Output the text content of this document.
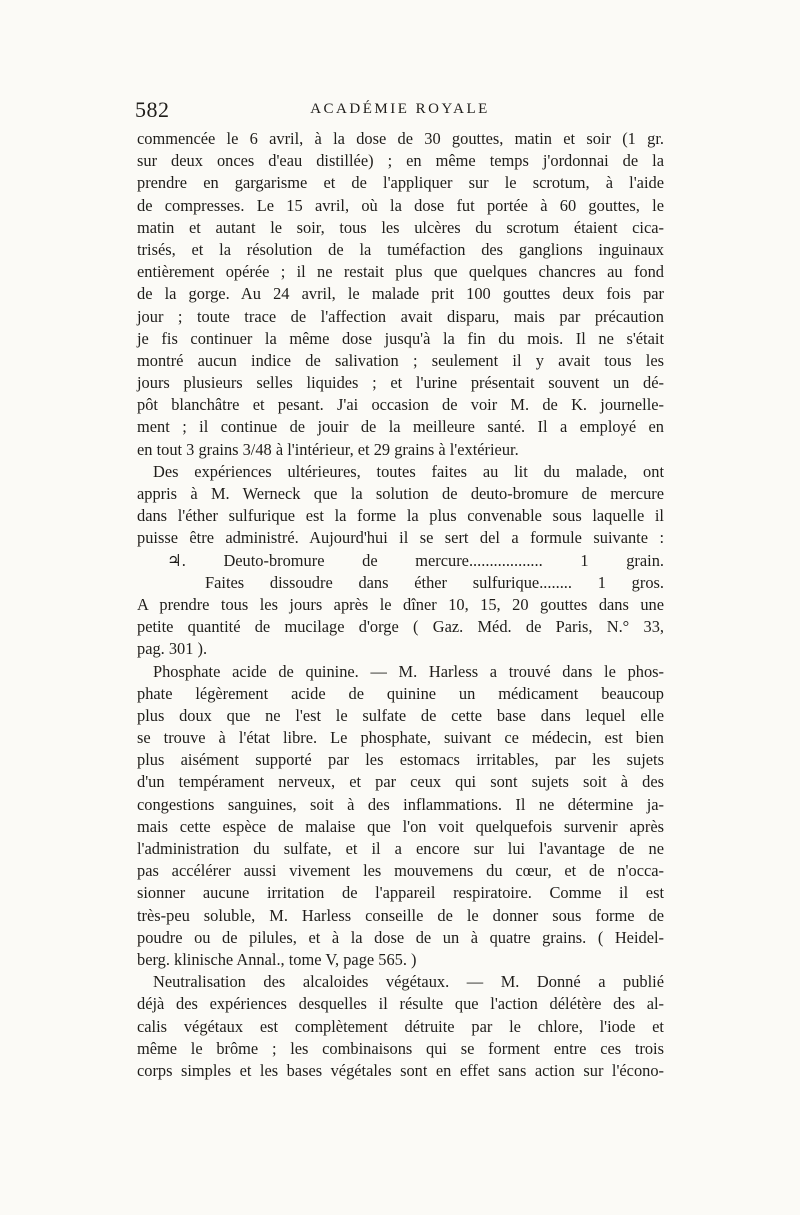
582	ACADÉMIE ROYALE
commencée le 6 avril, à la dose de 30 gouttes, matin et soir (1 gr.
sur deux onces d'eau distillée) ; en même temps j'ordonnai de la
prendre en gargarisme et de l'appliquer sur le scrotum, à l'aide
de compresses. Le 15 avril, où la dose fut portée à 60 gouttes, le
matin et autant le soir, tous les ulcères du scrotum étaient cica-
trisés, et la résolution de la tuméfaction des ganglions inguinaux
entièrement opérée ; il ne restait plus que quelques chancres au fond
de la gorge. Au 24 avril, le malade prit 100 gouttes deux fois par
jour ; toute trace de l'affection avait disparu, mais par précaution
je fis continuer la même dose jusqu'à la fin du mois. Il ne s'était
montré aucun indice de salivation ; seulement il y avait tous les
jours plusieurs selles liquides ; et l'urine présentait souvent un dé-
pôt blanchâtre et pesant. J'ai occasion de voir M. de K. journelle-
ment ; il continue de jouir de la meilleure santé. Il a employé en
en tout 3 grains 3/48 à l'intérieur, et 29 grains à l'extérieur.
Des expériences ultérieures, toutes faites au lit du malade, ont
appris à M. Werneck que la solution de deuto-bromure de mercure
dans l'éther sulfurique est la forme la plus convenable sous laquelle il
puisse être administré. Aujourd'hui il se sert del a formule suivante :
♃. Deuto-bromure de mercure.................. 1 grain.
Faites dissoudre dans éther sulfurique........ 1 gros.
A prendre tous les jours après le dîner 10, 15, 20 gouttes dans une
petite quantité de mucilage d'orge ( Gaz. Méd. de Paris, N.° 33,
pag. 301 ).
Phosphate acide de quinine. — M. Harless a trouvé dans le phos-
phate légèrement acide de quinine un médicament beaucoup
plus doux que ne l'est le sulfate de cette base dans lequel elle
se trouve à l'état libre. Le phosphate, suivant ce médecin, est bien
plus aisément supporté par les estomacs irritables, par les sujets
d'un tempérament nerveux, et par ceux qui sont sujets soit à des
congestions sanguines, soit à des inflammations. Il ne détermine ja-
mais cette espèce de malaise que l'on voit quelquefois survenir après
l'administration du sulfate, et il a encore sur lui l'avantage de ne
pas accélérer aussi vivement les mouvemens du cœur, et de n'occa-
sionner aucune irritation de l'appareil respiratoire. Comme il est
très-peu soluble, M. Harless conseille de le donner sous forme de
poudre ou de pilules, et à la dose de un à quatre grains. ( Heidel-
berg. klinische Annal., tome V, page 565. )
Neutralisation des alcaloides végétaux. — M. Donné a publié
déjà des expériences desquelles il résulte que l'action délétère des al-
calis végétaux est complètement détruite par le chlore, l'iode et
même le brôme ; les combinaisons qui se forment entre ces trois
corps simples et les bases végétales sont en effet sans action sur l'écono-
